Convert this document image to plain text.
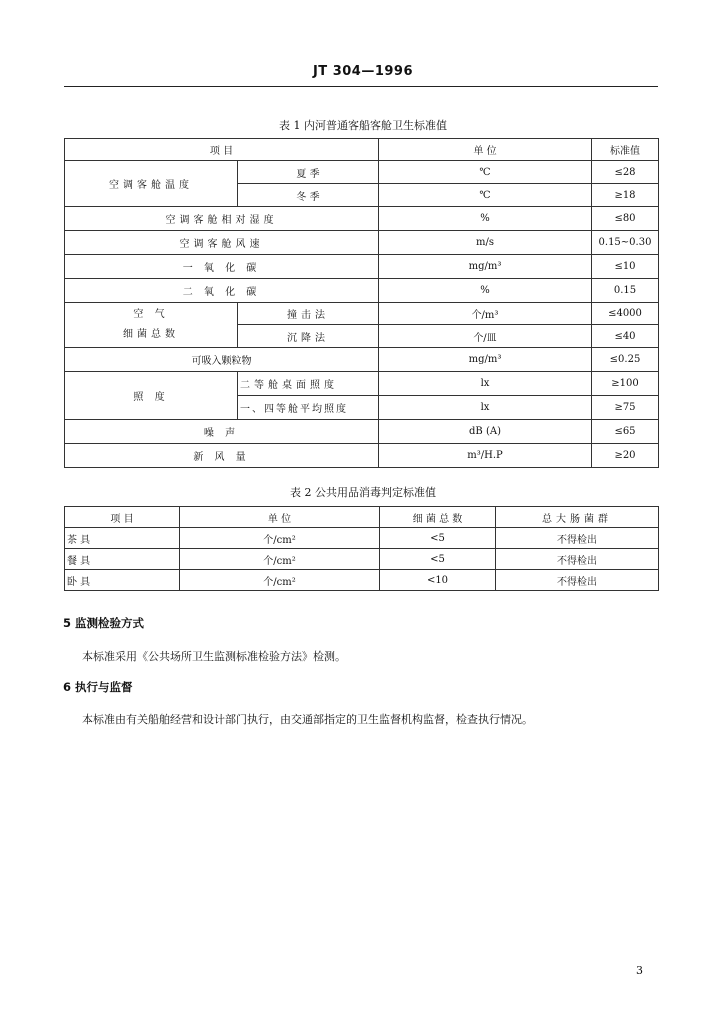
JT 304—1996
表 1 内河普通客船客舱卫生标准值
项 目		单 位	标准值
空调客舱温度	夏 季	℃	≤28
	冬 季	℃	≥18
空调客舱相对湿度		%	≤80
空调客舱风速		m/s	0.15~0.30
一 氧 化 碳		mg/m³	≤10
二 氧 化 碳		%	0.15
空 气
细菌总数	撞击法	个/m³	≤4000
	沉降法	个/皿	≤40
可吸入颗粒物		mg/m³	≤0.25
照 度	二等舱桌面照度	lx	≥100
	一、四等舱平均照度	lx	≥75
噪 声		dB (A)	≤65
新 风 量		m³/H.P	≥20
表 2 公共用品消毒判定标准值
项 目	单 位	细 菌 总 数	总大肠菌群
茶 具	个/cm²	<5	不得检出
餐 具	个/cm²	<5	不得检出
卧 具	个/cm²	<10	不得检出
5 监测检验方式
本标准采用《公共场所卫生监测标准检验方法》检测。
6 执行与监督
本标准由有关船舶经营和设计部门执行，由交通部指定的卫生监督机构监督，检查执行情况。
3
